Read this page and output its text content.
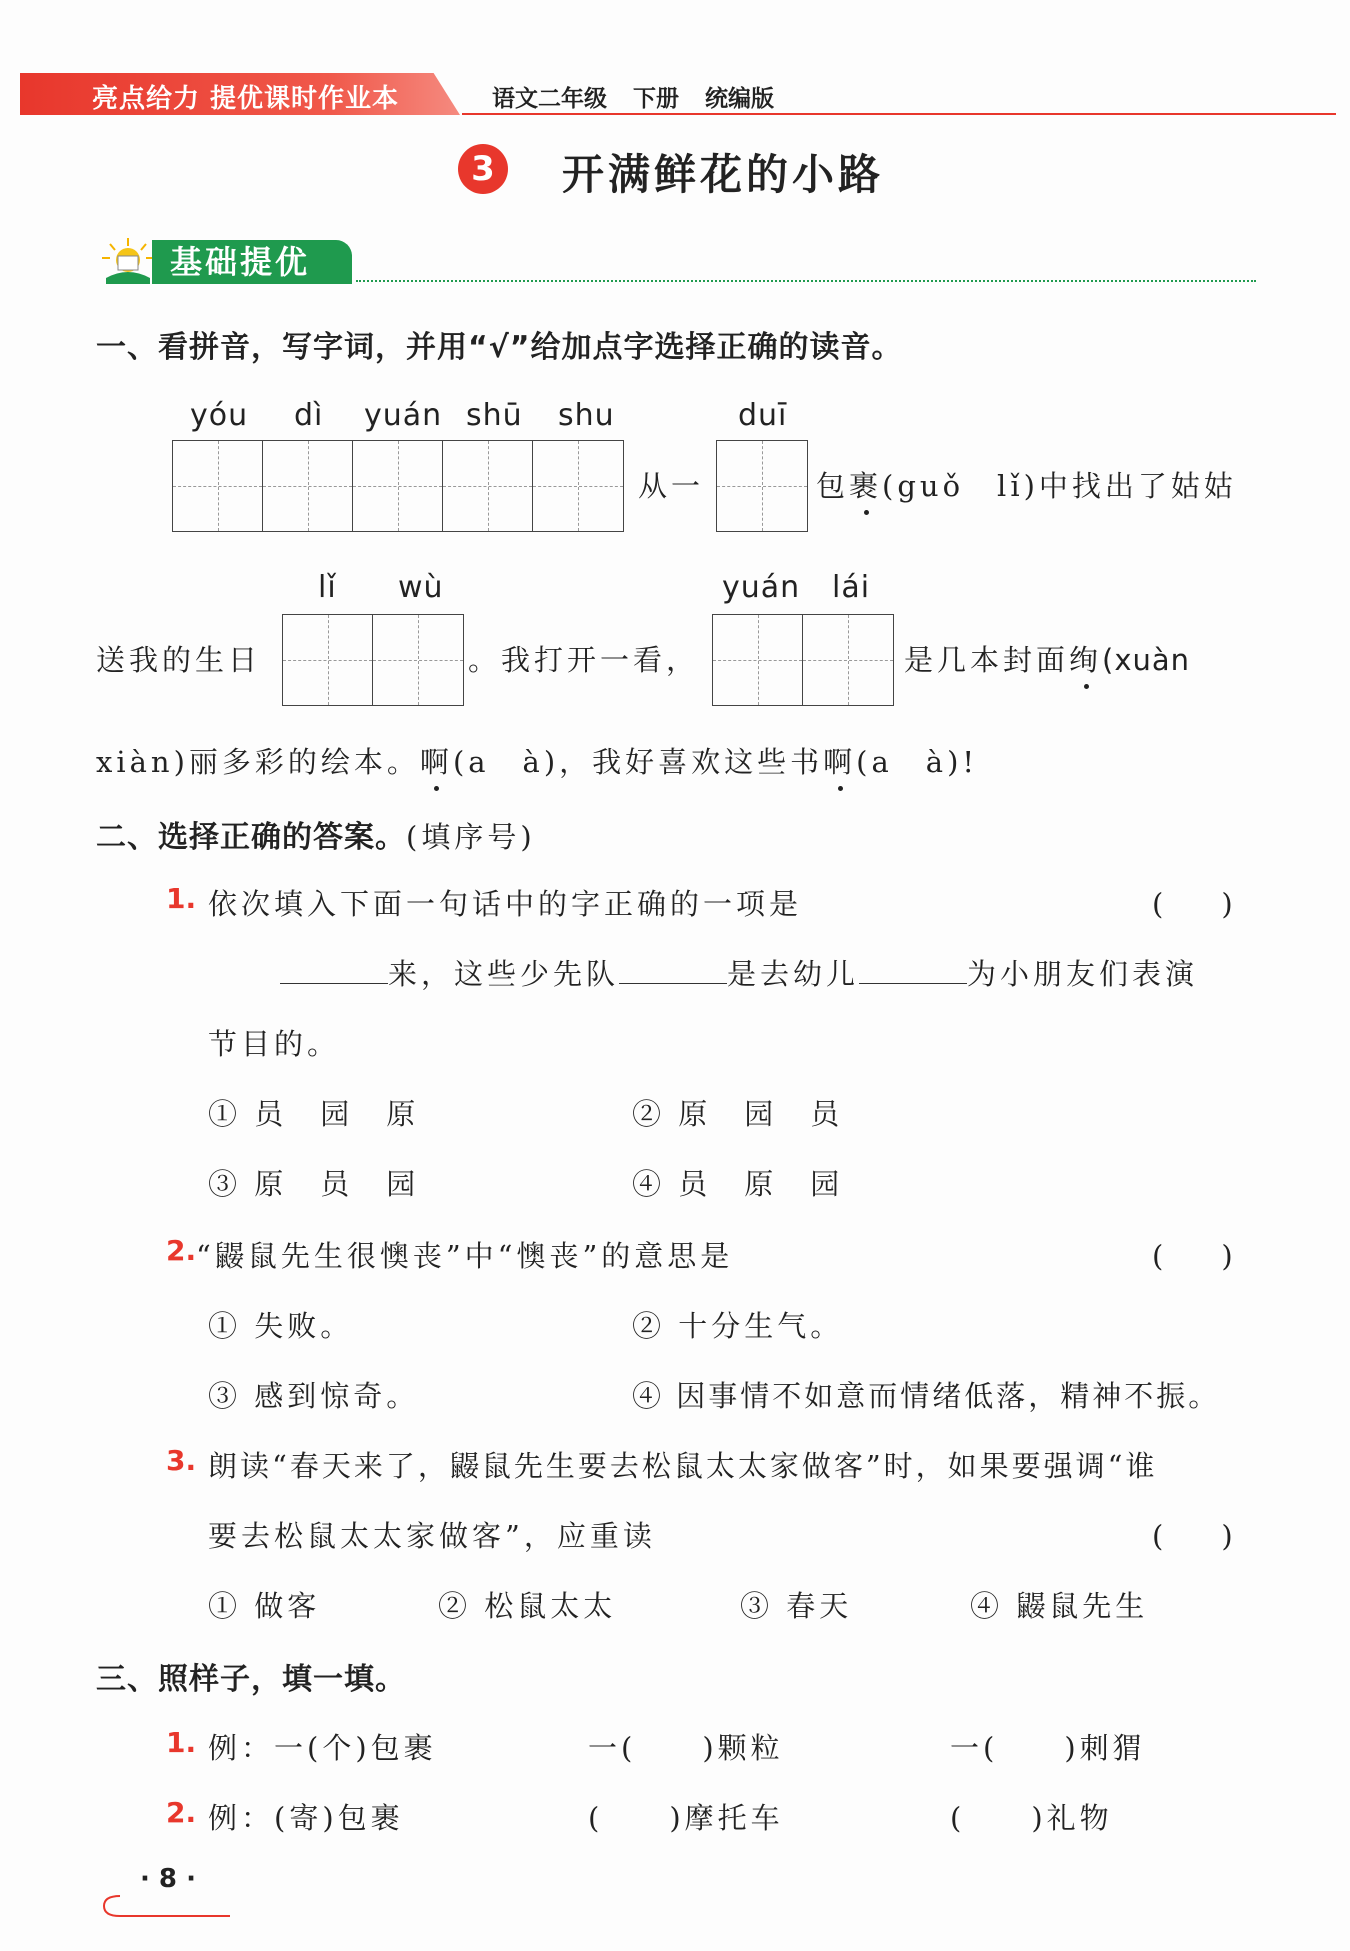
亮点给力 提优课时作业本	语文二年级 下册 统编版
3	开满鲜花的小路
基础提优
一、看拼音，写字词，并用“√”给加点字选择正确的读音。
yóu dì yuán shū shu	duī
从一	包裹(guǒ　lǐ)中找出了姑姑
lǐ wù	yuán lái
送我的生日	。我打开一看，	是几本封面绚(xuàn
xiàn)丽多彩的绘本。啊(a　à)，我好喜欢这些书啊(a　à)!
二、选择正确的答案。(填序号)
1. 依次填入下面一句话中的字正确的一项是	(　　)
来，这些少先队	是去幼儿	为小朋友们表演
节目的。
① 员　园　原	② 原　园　员
③ 原　员　园	④ 员　原　园
2. “鼹鼠先生很懊丧”中“懊丧”的意思是	(　　)
① 失败。	② 十分生气。
③ 感到惊奇。	④ 因事情不如意而情绪低落，精神不振。
3. 朗读“春天来了，鼹鼠先生要去松鼠太太家做客”时，如果要强调“谁
要去松鼠太太家做客”，应重读	(　　)
① 做客	② 松鼠太太	③ 春天	④ 鼹鼠先生
三、照样子，填一填。
1. 例：一(个)包裹	一(　　)颗粒	一(　　)刺猬
2. 例：(寄)包裹	(　　)摩托车	(　　)礼物
· 8 ·
